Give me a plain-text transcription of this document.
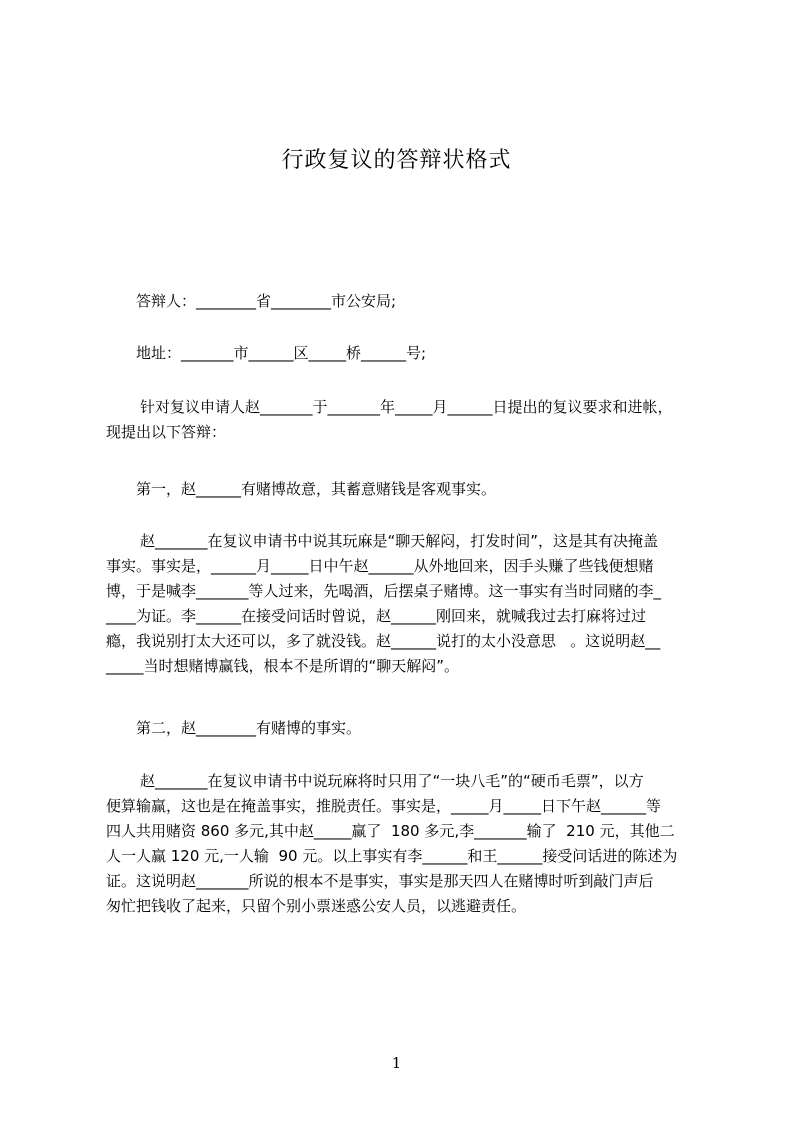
行政复议的答辩状格式

答辩人：________省________市公安局;

地址：_______市______区_____桥______号;

针对复议申请人赵_______于_______年_____月______日提出的复议要求和进帐，
现提出以下答辩：

第一，赵______有赌博故意，其蓄意赌钱是客观事实。

赵_______在复议申请书中说其玩麻是“聊天解闷，打发时间”，这是其有决掩盖
事实。事实是，______月_____日中午赵______从外地回来，因手头赚了些钱便想赌
博，于是喊李_______等人过来，先喝酒，后摆桌子赌博。这一事实有当时同赌的李_
____为证。李______在接受问话时曾说，赵______刚回来，就喊我过去打麻将过过
瘾，我说别打太大还可以，多了就没钱。赵______说打的太小没意思   。这说明赵__
_____当时想赌博赢钱，根本不是所谓的“聊天解闷”。

第二，赵________有赌博的事实。

赵_______在复议申请书中说玩麻将时只用了“一块八毛”的“硬币毛票”，以方
便算输赢，这也是在掩盖事实，推脱责任。事实是，_____月_____日下午赵______等
四人共用赌资 860 多元,其中赵_____赢了  180 多元,李_______输了  210 元，其他二
人一人赢 120 元,一人输  90 元。以上事实有李______和王______接受问话进的陈述为
证。这说明赵_______所说的根本不是事实，事实是那天四人在赌博时听到敲门声后
匆忙把钱收了起来，只留个别小票迷惑公安人员，以逃避责任。

1
